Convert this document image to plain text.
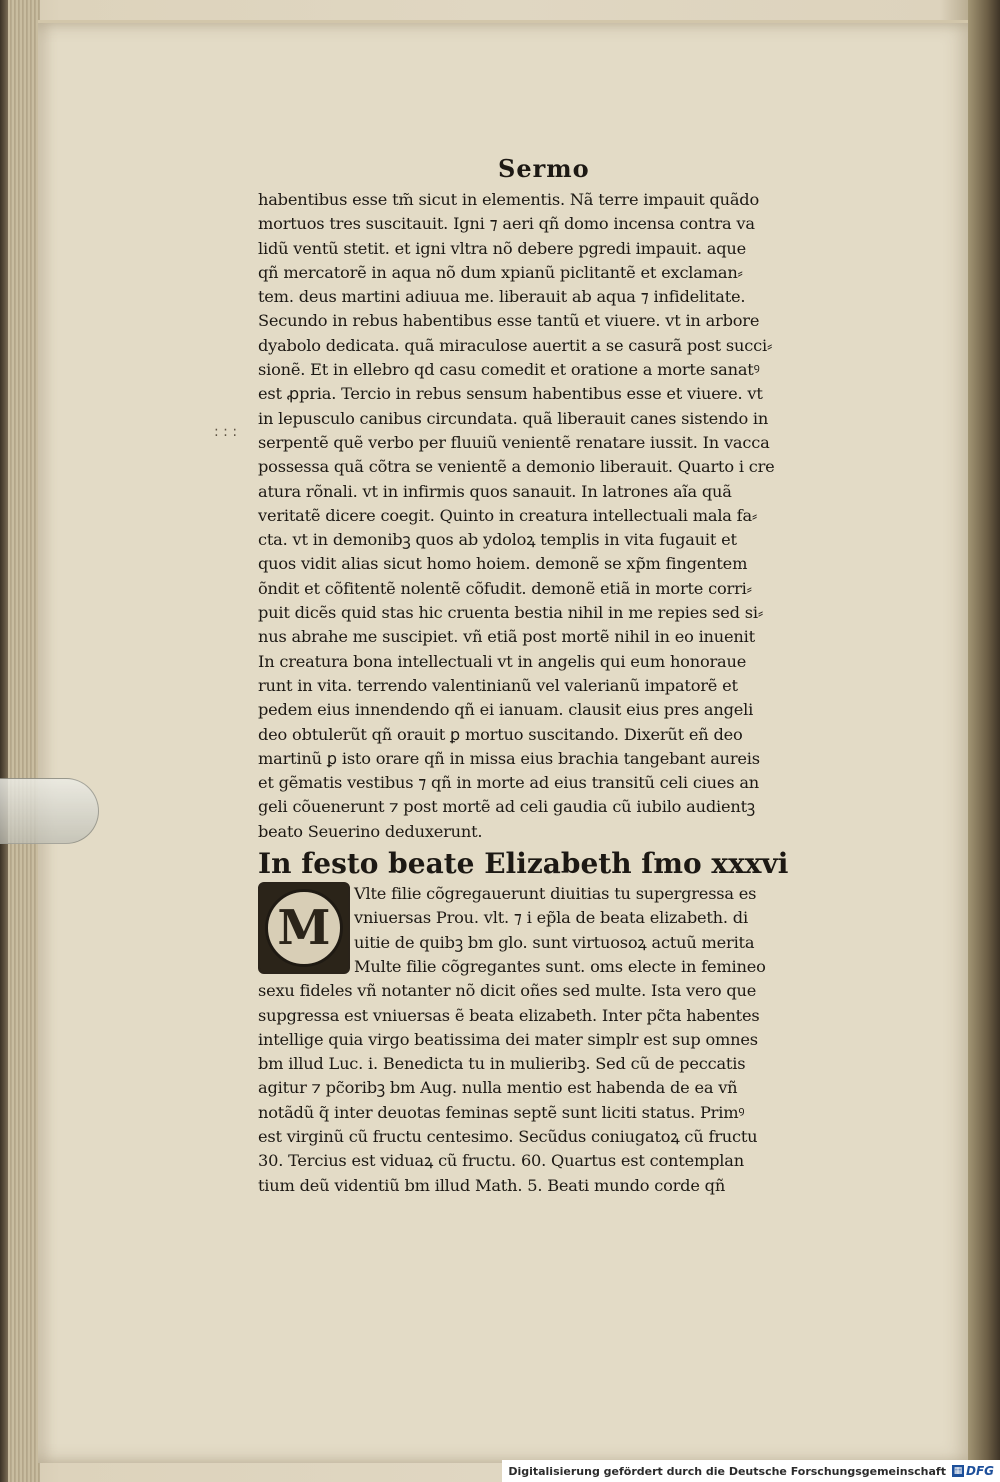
: : :
Sermo
habentibus esse tm̃ sicut in elementis. Nã terre impauit quãdo
mortuos tres suscitauit. Igni ⁊ aeri qñ domo incensa contra va
lidũ ventũ stetit. et igni vltra nõ debere pgredi impauit. aque
qñ mercatorẽ in aqua nõ dum xpianũ piclitantẽ et exclaman⸗
tem. deus martini adiuua me. liberauit ab aqua ⁊ infidelitate.
Secundo in rebus habentibus esse tantũ et viuere. vt in arbore
dyabolo dedicata. quã miraculose auertit a se casurã post succi⸗
sionẽ. Et in ellebro qd casu comedit et oratione a morte sanatꝰ
est ꝓpria. Tercio in rebus sensum habentibus esse et viuere. vt
in lepusculo canibus circundata. quã liberauit canes sistendo in
serpentẽ quẽ verbo per fluuiũ venientẽ renatare iussit. In vacca
possessa quã cõtra se venientẽ a demonio liberauit. Quarto i cre
atura rõnali. vt in infirmis quos sanauit. In latrones aĩa quã
veritatẽ dicere coegit. Quinto in creatura intellectuali mala fa⸗
cta. vt in demonibꝫ quos ab ydoloꝝ templis in vita fugauit et
quos vidit alias sicut homo hoiem. demonẽ se xp̃m fingentem
õndit et cõfitentẽ nolentẽ cõfudit. demonẽ etiã in morte corri⸗
puit dicẽs quid stas hic cruenta bestia nihil in me repies sed si⸗
nus abrahe me suscipiet. vñ etiã post mortẽ nihil in eo inuenit
In creatura bona intellectuali vt in angelis qui eum honoraue
runt in vita. terrendo valentinianũ vel valerianũ impatorẽ et
pedem eius innendendo qñ ei ianuam. clausit eius pres angeli
deo obtulerũt qñ orauit ꝑ mortuo suscitando. Dixerũt eñ deo
martinũ ꝑ isto orare qñ in missa eius brachia tangebant aureis
et gẽmatis vestibus ⁊ qñ in morte ad eius transitũ celi ciues an
geli cõuenerunt ⁊ post mortẽ ad celi gaudia cũ iubilo audientꝫ
beato Seuerino deduxerunt.
In festo beate Elizabeth ſmo xxxvi
Vlte filie cõgregauerunt diuitias tu supergressa es
vniuersas Prou. vlt. ⁊ i ep̃la de beata elizabeth. di
uitie de quibꝫ bm glo. sunt virtuosoꝝ actuũ merita
Multe filie cõgregantes sunt. oms electe in femineo
sexu fideles vñ notanter nõ dicit oñes sed multe. Ista vero que
supgressa est vniuersas ẽ beata elizabeth. Inter pc̃ta habentes
intellige quia virgo beatissima dei mater simplr est sup omnes
bm illud Luc. i. Benedicta tu in mulieribꝫ. Sed cũ de peccatis
agitur ⁊ pc̃oribꝫ bm Aug. nulla mentio est habenda de ea vñ
notãdũ q̃ inter deuotas feminas septẽ sunt liciti status. Primꝰ
est virginũ cũ fructu centesimo. Secũdus coniugatoꝝ cũ fructu
30. Tercius est viduaꝝ cũ fructu. 60. Quartus est contemplan
tium deũ videntiũ bm illud Math. 5. Beati mundo corde qñ
M
Digitalisierung gefördert durch die Deutsche Forschungsgemeinschaft ▦ DFG
